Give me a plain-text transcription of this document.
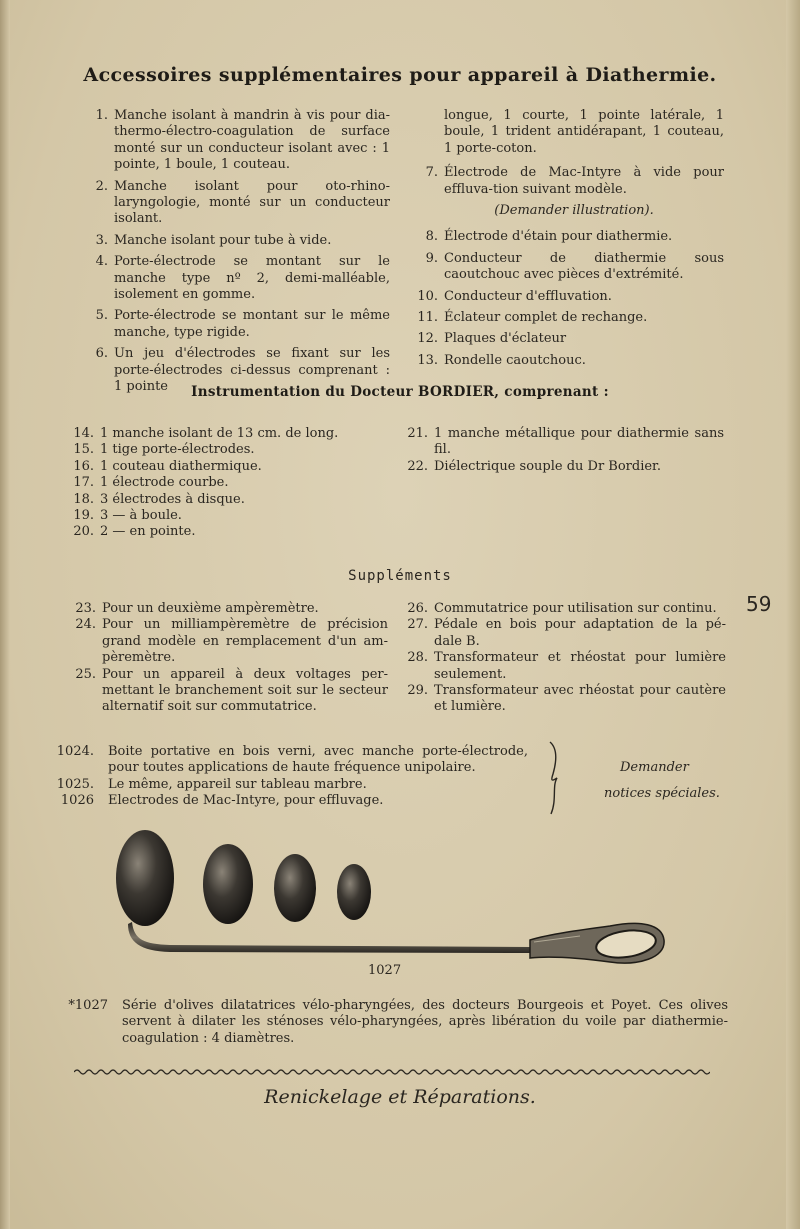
Accessoires supplémentaires pour appareil à Diathermie.
1. Manche isolant à mandrin à vis pour dia-thermo-électro-coagulation de surface monté sur un conducteur isolant avec : 1 pointe, 1 boule, 1 couteau.
2. Manche isolant pour oto-rhino-laryngologie, monté sur un conducteur isolant.
3. Manche isolant pour tube à vide.
4. Porte-électrode se montant sur le manche type nº 2, demi-malléable, isolement en gomme.
5. Porte-électrode se montant sur le même manche, type rigide.
6. Un jeu d'électrodes se fixant sur les porte-électrodes ci-dessus comprenant : 1 pointe
longue, 1 courte, 1 pointe latérale, 1 boule, 1 trident antidérapant, 1 couteau, 1 porte-coton.
7. Électrode de Mac-Intyre à vide pour effluva-tion suivant modèle.
(Demander illustration).
8. Électrode d'étain pour diathermie.
9. Conducteur de diathermie sous caoutchouc avec pièces d'extrémité.
10. Conducteur d'effluvation.
11. Éclateur complet de rechange.
12. Plaques d'éclateur
13. Rondelle caoutchouc.
Instrumentation du Docteur BORDIER, comprenant :
14. 1 manche isolant de 13 cm. de long.
15. 1 tige porte-électrodes.
16. 1 couteau diathermique.
17. 1 électrode courbe.
18. 3 électrodes à disque.
19. 3 — à boule.
20. 2 — en pointe.
21. 1 manche métallique pour diathermie sans fil.
22. Diélectrique souple du Dr Bordier.
Suppléments
23. Pour un deuxième ampèremètre.
24. Pour un milliampèremètre de précision grand modèle en remplacement d'un am-pèremètre.
25. Pour un appareil à deux voltages per-mettant le branchement soit sur le secteur alternatif soit sur commutatrice.
26. Commutatrice pour utilisation sur continu.
27. Pédale en bois pour adaptation de la pé-dale B.
28. Transformateur et rhéostat pour lumière seulement.
29. Transformateur avec rhéostat pour cautère et lumière.
59
1024. Boite portative en bois verni, avec manche porte-électrode, pour toutes applications de haute fréquence unipolaire.
1025. Le même, appareil sur tableau marbre.
1026 Electrodes de Mac-Intyre, pour effluvage.
Demander
notices spéciales.
1027
*1027 Série d'olives dilatatrices vélo-pharyngées, des docteurs Bourgeois et Poyet. Ces olives servent à dilater les sténoses vélo-pharyngées, après libération du voile par diathermie-coagulation : 4 diamètres.
Renickelage et Réparations.
